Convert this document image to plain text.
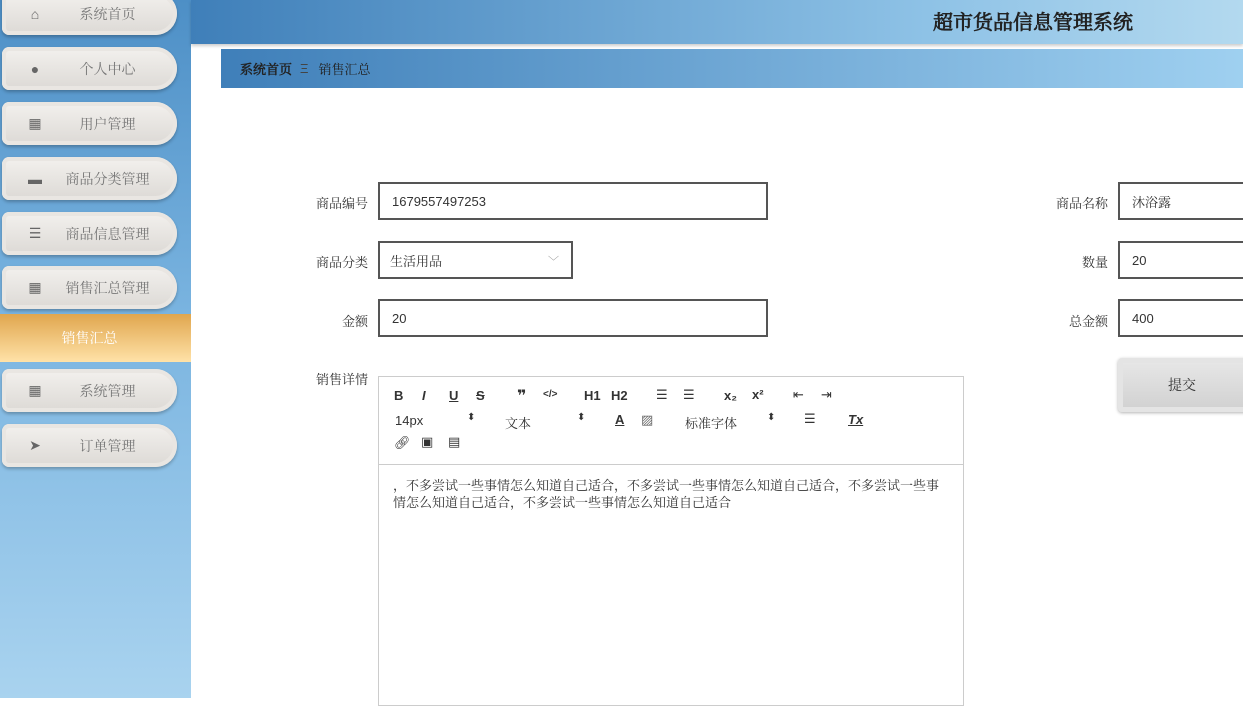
⌂	系统首页
●	个人中心
▦	用户管理
▬	商品分类管理
☰	商品信息管理
▦	销售汇总管理
销售汇总
▦	系统管理
➤	订单管理
超市货品信息管理系统
系统首页 Ξ 销售汇总
商品编号	1679557497253	商品名称	沐浴露
商品分类 生活用品	﹀	数量	20
金额	20	总金额	400
销售详情
B I U S ❞ </> H1 H2 ☰ ☰ x₂ x² ⇤ ⇥
14px	⬍ 文本	⬍ A ▨ 标准字体	⬍ ☰ Tx
🔗︎ ▣ ▤
，不多尝试一些事情怎么知道自己适合，不多尝试一些事情怎么知道自己适合，不多尝试一些事情怎么知道自己适合，不多尝试一些事情怎么知道自己适合
提交
